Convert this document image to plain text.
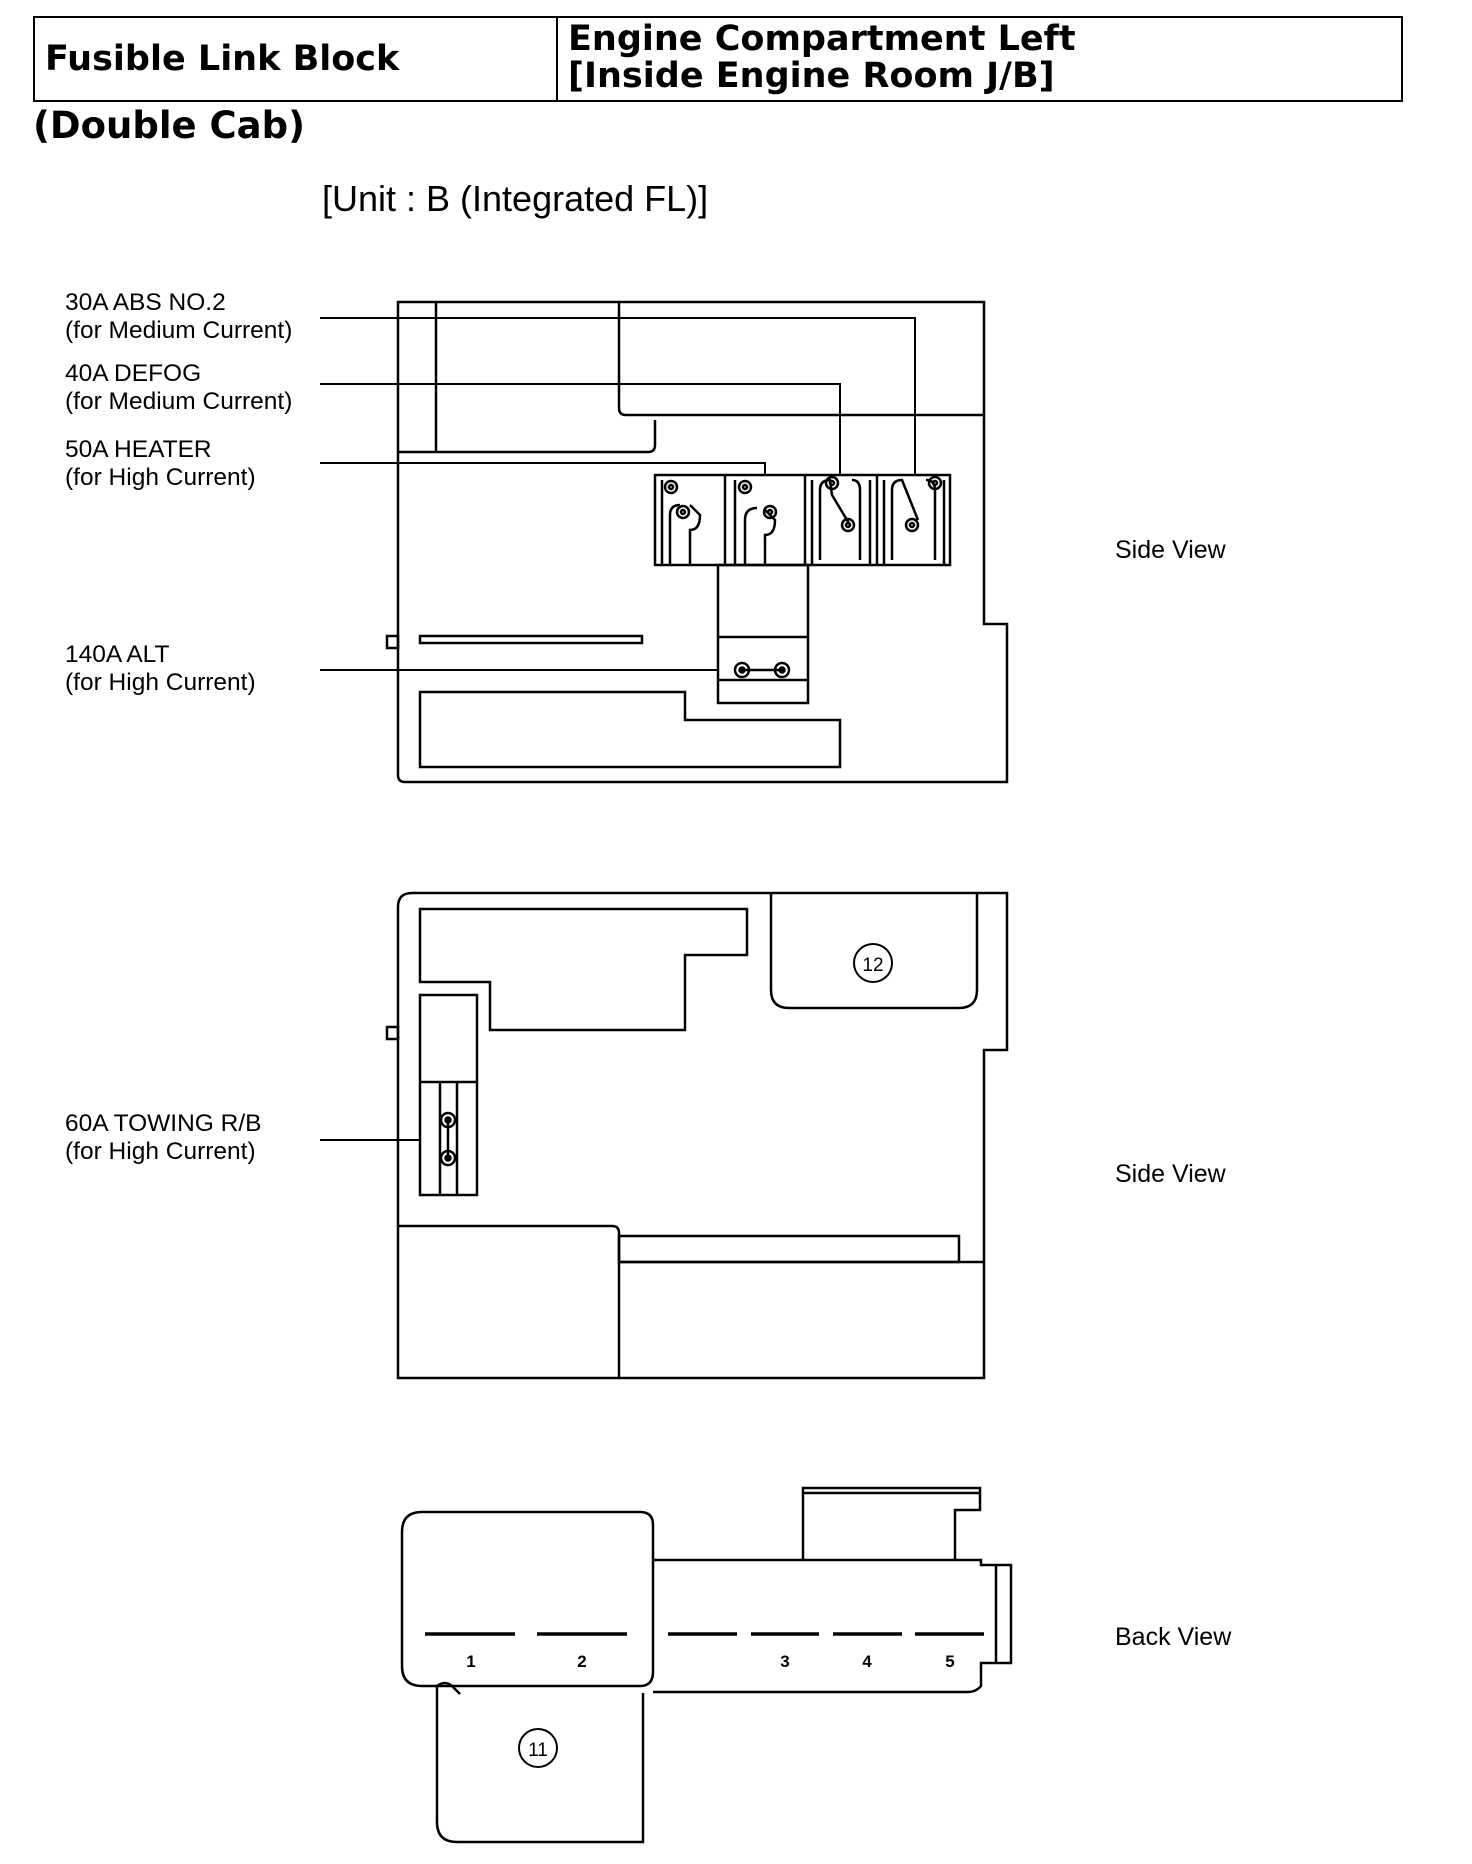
Fusible Link Block	Engine Compartment Left
[Inside Engine Room J/B]
(Double Cab)
[Unit : B (Integrated FL)]
30A ABS NO.2
(for Medium Current)
40A DEFOG
(for Medium Current)
50A HEATER
(for High Current)
140A ALT
(for High Current)
60A TOWING R/B
(for High Current)
Side View
Side View
Back View
12
1	2	3	4	5
11
